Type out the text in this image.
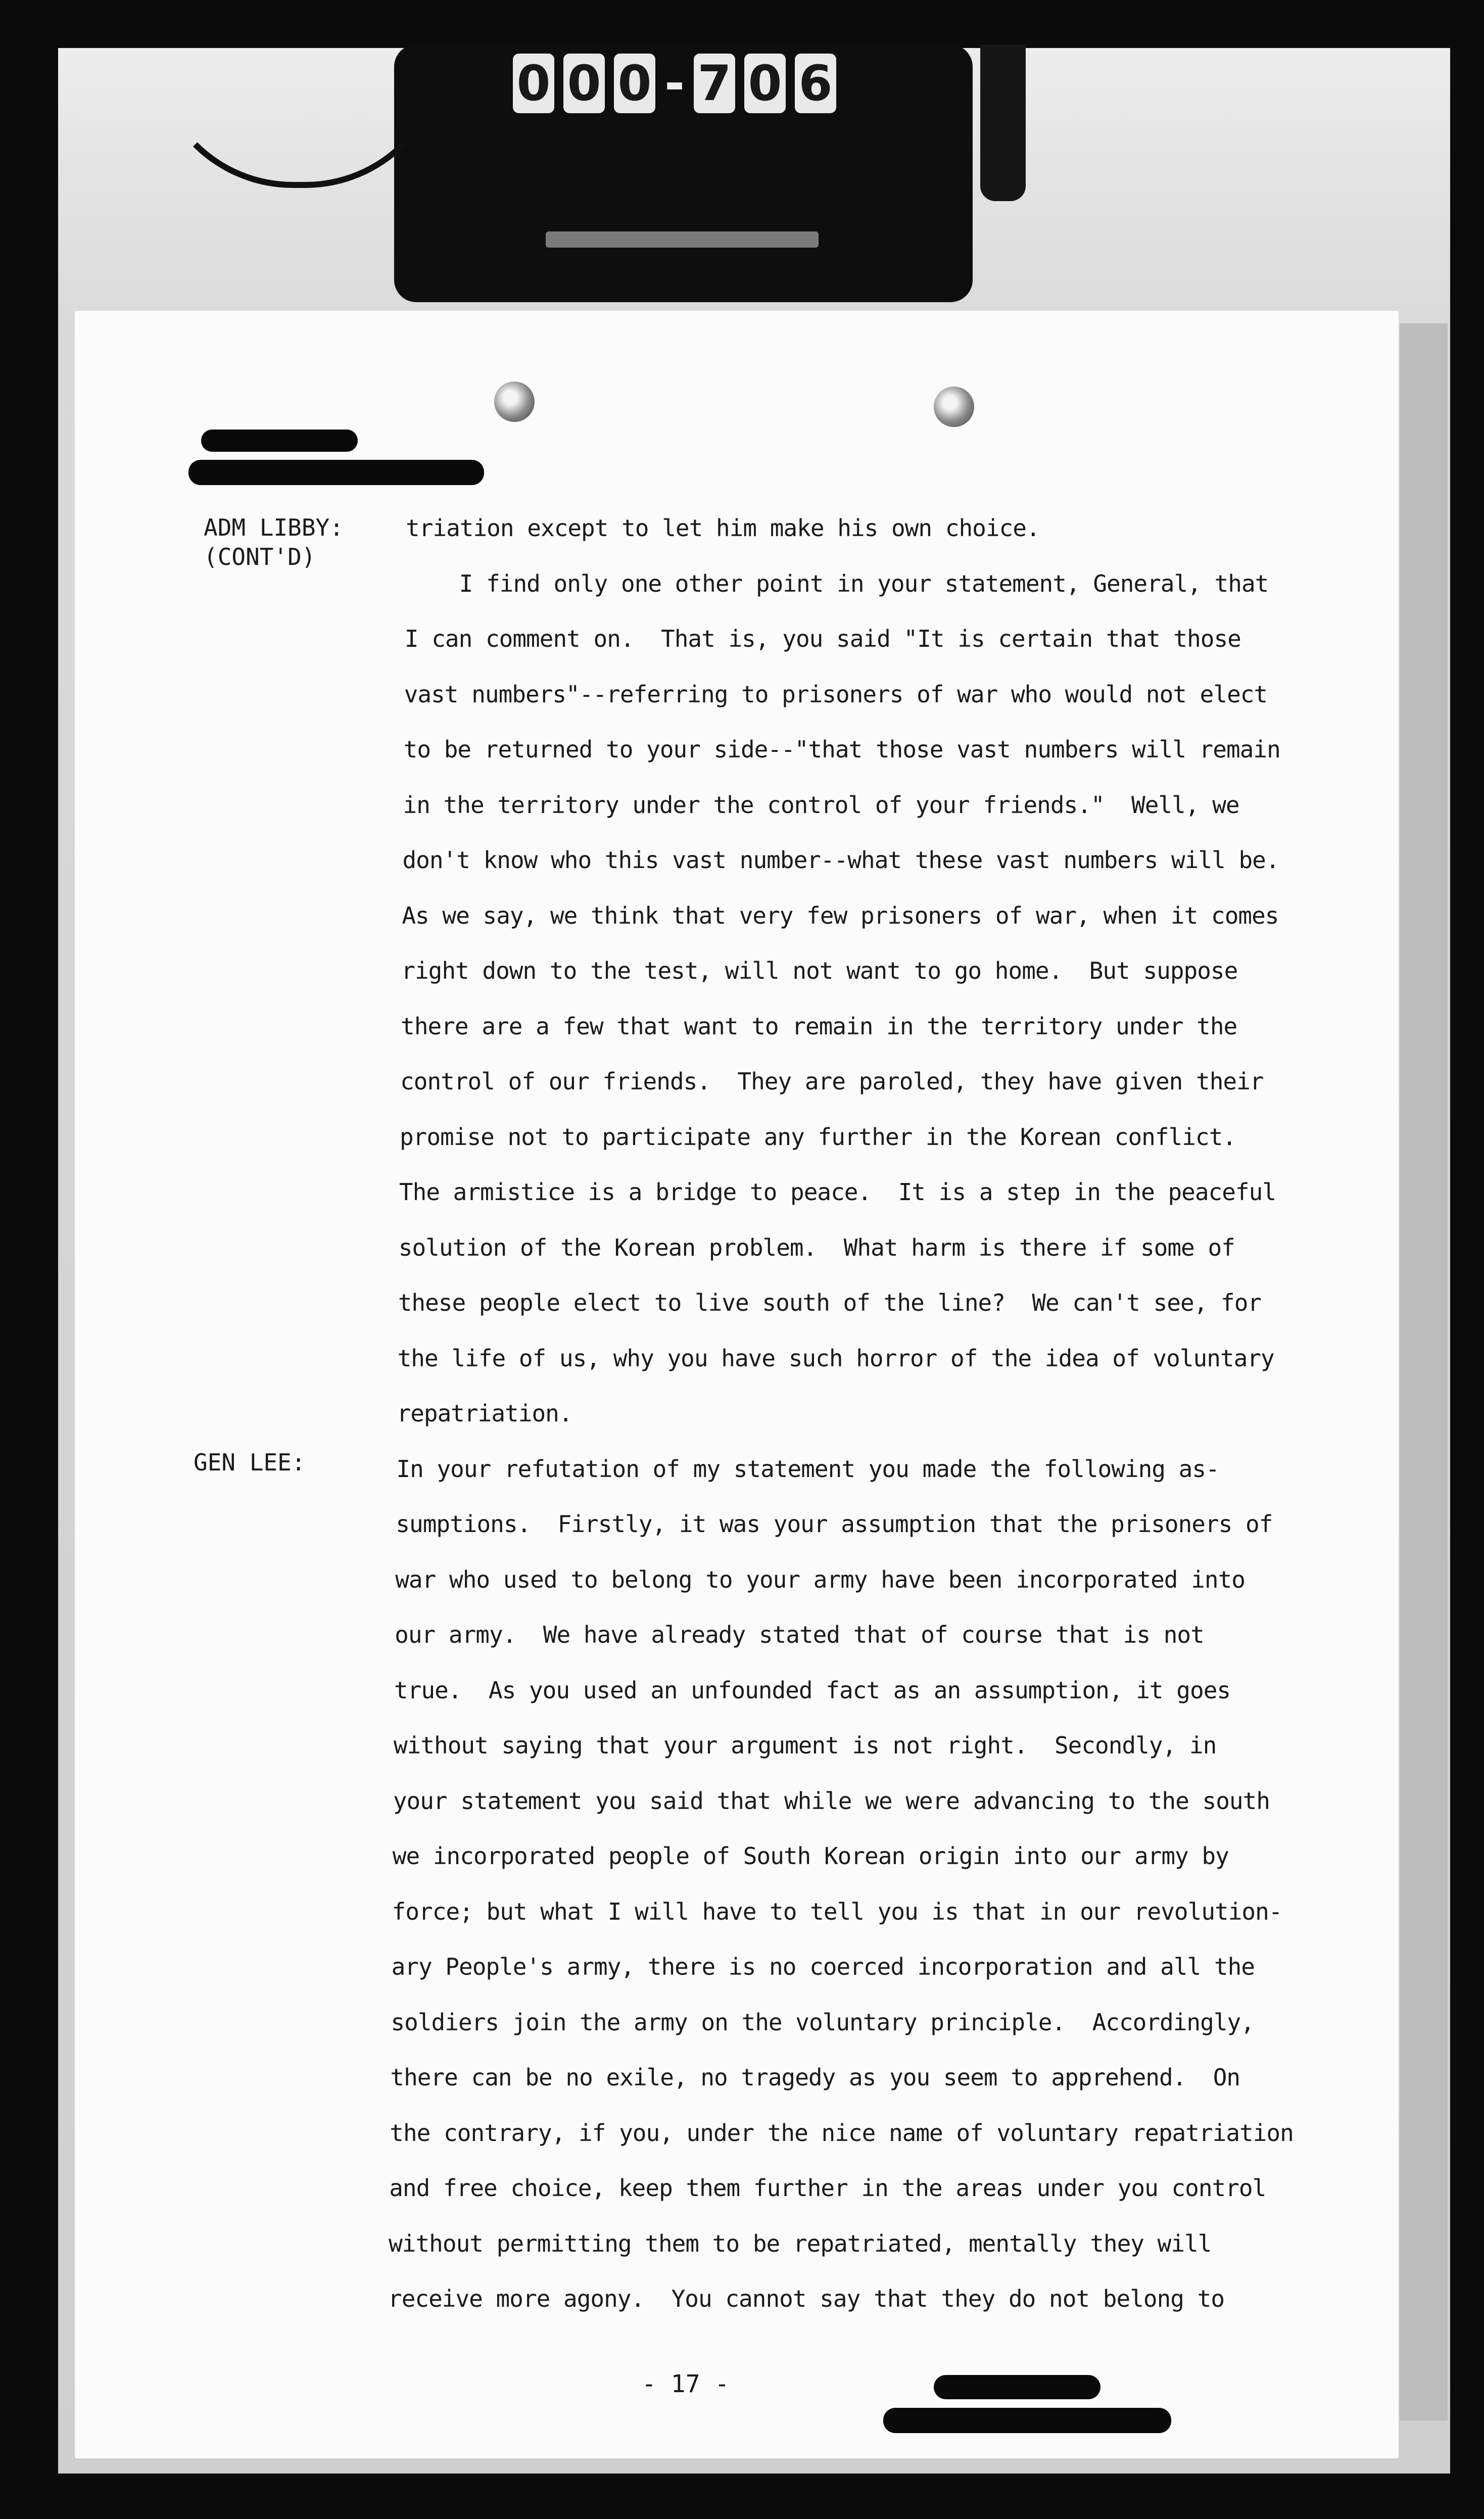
0 0 0 - 7 0 6
ADM LIBBY:
(CONT'D)
GEN LEE:
triation except to let him make his own choice.
I find only one other point in your statement, General, that
I can comment on.  That is, you said "It is certain that those
vast numbers"--referring to prisoners of war who would not elect
to be returned to your side--"that those vast numbers will remain
in the territory under the control of your friends."  Well, we
don't know who this vast number--what these vast numbers will be.
As we say, we think that very few prisoners of war, when it comes
right down to the test, will not want to go home.  But suppose
there are a few that want to remain in the territory under the
control of our friends.  They are paroled, they have given their
promise not to participate any further in the Korean conflict.
The armistice is a bridge to peace.  It is a step in the peaceful
solution of the Korean problem.  What harm is there if some of
these people elect to live south of the line?  We can't see, for
the life of us, why you have such horror of the idea of voluntary
repatriation.
In your refutation of my statement you made the following as-
sumptions.  Firstly, it was your assumption that the prisoners of
war who used to belong to your army have been incorporated into
our army.  We have already stated that of course that is not
true.  As you used an unfounded fact as an assumption, it goes
without saying that your argument is not right.  Secondly, in
your statement you said that while we were advancing to the south
we incorporated people of South Korean origin into our army by
force; but what I will have to tell you is that in our revolution-
ary People's army, there is no coerced incorporation and all the
soldiers join the army on the voluntary principle.  Accordingly,
there can be no exile, no tragedy as you seem to apprehend.  On
the contrary, if you, under the nice name of voluntary repatriation
and free choice, keep them further in the areas under you control
without permitting them to be repatriated, mentally they will
receive more agony.  You cannot say that they do not belong to
- 17 -
